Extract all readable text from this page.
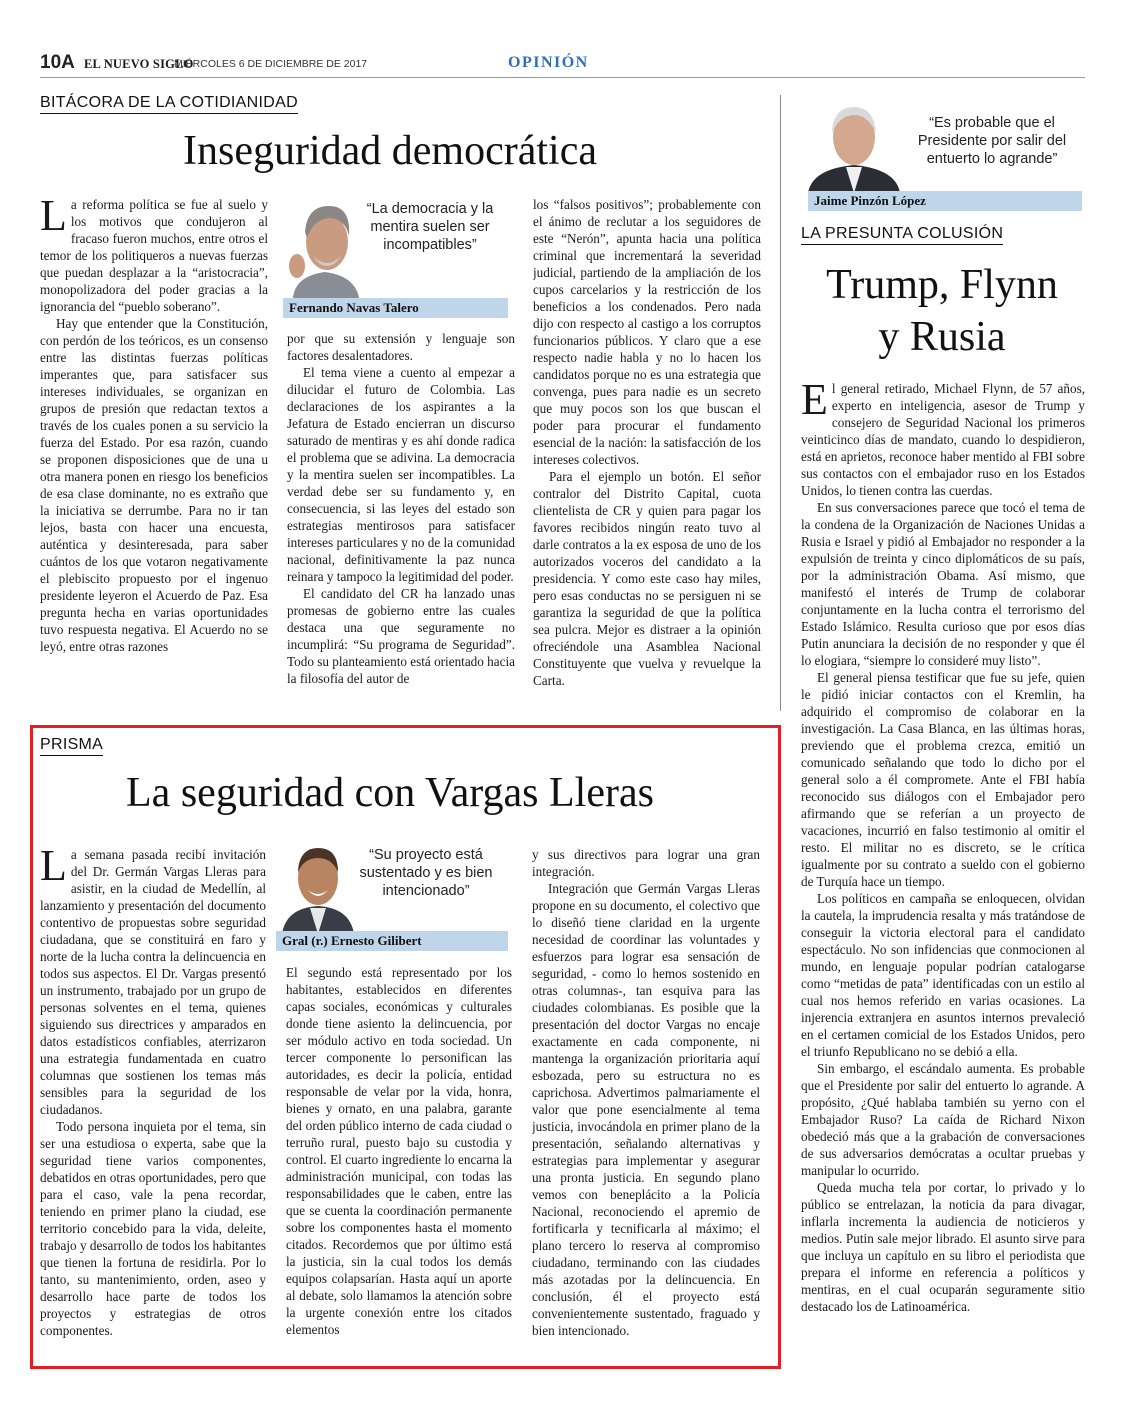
10A EL NUEVO SIGLO
MIÉRCOLES 6 DE DICIEMBRE DE 2017	OPINIÓN
BITÁCORA DE LA COTIDIANIDAD
Inseguridad democrática
L a reforma política se fue al suelo y los motivos que condujeron al fracaso fueron muchos, entre otros el temor de los politiqueros a nuevas fuerzas que puedan desplazar a la “aristocracia”, monopolizadora del poder gracias a la ignorancia del “pueblo soberano”.

Hay que entender que la Constitución, con perdón de los teóricos, es un consenso entre las distintas fuerzas políticas imperantes que, para satisfacer sus intereses individuales, se organizan en grupos de presión que redactan textos a través de los cuales ponen a su servicio la fuerza del Estado. Por esa razón, cuando se proponen disposiciones que de una u otra manera ponen en riesgo los beneficios de esa clase dominante, no es extraño que la iniciativa se derrumbe. Para no ir tan lejos, basta con hacer una encuesta, auténtica y desinteresada, para saber cuántos de los que votaron negativamente el plebiscito propuesto por el ingenuo presidente leyeron el Acuerdo de Paz. Esa pregunta hecha en varias oportunidades tuvo respuesta negativa. El Acuerdo no se leyó, entre otras razones

“La democracia y la mentira suelen ser incompatibles”
Fernando Navas Talero

por que su extensión y lenguaje son factores desalentadores.

El tema viene a cuento al empezar a dilucidar el futuro de Colombia. Las declaraciones de los aspirantes a la Jefatura de Estado encierran un discurso saturado de mentiras y es ahí donde radica el problema que se adivina. La democracia y la mentira suelen ser incompatibles. La verdad debe ser su fundamento y, en consecuencia, si las leyes del estado son estrategias mentirosos para satisfacer intereses particulares y no de la comunidad nacional, definitivamente la paz nunca reinara y tampoco la legitimidad del poder.

El candidato del CR ha lanzado unas promesas de gobierno entre las cuales destaca una que seguramente no incumplirá: “Su programa de Seguridad”. Todo su planteamiento está orientado hacia la filosofía del autor de

los “falsos positivos”; probablemente con el ánimo de reclutar a los seguidores de este “Nerón”, apunta hacia una política criminal que incrementará la severidad judicial, partiendo de la ampliación de los cupos carcelarios y la restricción de los beneficios a los condenados. Pero nada dijo con respecto al castigo a los corruptos funcionarios públicos. Y claro que a ese respecto nadie habla y no lo hacen los candidatos porque no es una estrategia que convenga, pues para nadie es un secreto que muy pocos son los que buscan el poder para procurar el fundamento esencial de la nación: la satisfacción de los intereses colectivos.

Para el ejemplo un botón. El señor contralor del Distrito Capital, cuota clientelista de CR y quien para pagar los favores recibidos ningún reato tuvo al darle contratos a la ex esposa de uno de los autorizados voceros del candidato a la presidencia. Y como este caso hay miles, pero esas conductas no se persiguen ni se garantiza la seguridad de que la política sea pulcra. Mejor es distraer a la opinión ofreciéndole una Asamblea Nacional Constituyente que vuelva y revuelque la Carta.

PRISMA
La seguridad con Vargas Lleras
L a semana pasada recibí invitación del Dr. Germán Vargas Lleras para asistir, en la ciudad de Medellín, al lanzamiento y presentación del documento contentivo de propuestas sobre seguridad ciudadana, que se constituirá en faro y norte de la lucha contra la delincuencia en todos sus aspectos. El Dr. Vargas presentó un instrumento, trabajado por un grupo de personas solventes en el tema, quienes siguiendo sus directrices y amparados en datos estadísticos confiables, aterrizaron una estrategia fundamentada en cuatro columnas que sostienen los temas más sensibles para la seguridad de los ciudadanos.

Todo persona inquieta por el tema, sin ser una estudiosa o experta, sabe que la seguridad tiene varios componentes, debatidos en otras oportunidades, pero que para el caso, vale la pena recordar, teniendo en primer plano la ciudad, ese territorio concebido para la vida, deleite, trabajo y desarrollo de todos los habitantes que tienen la fortuna de residirla. Por lo tanto, su mantenimiento, orden, aseo y desarrollo hace parte de todos los proyectos y estrategias de otros componentes.

“Su proyecto está sustentado y es bien intencionado”
Gral (r.) Ernesto Gilibert

El segundo está representado por los habitantes, establecidos en diferentes capas sociales, económicas y culturales donde tiene asiento la delincuencia, por ser módulo activo en toda sociedad. Un tercer componente lo personifican las autoridades, es decir la policía, entidad responsable de velar por la vida, honra, bienes y ornato, en una palabra, garante del orden público interno de cada ciudad o terruño rural, puesto bajo su custodia y control. El cuarto ingrediente lo encarna la administración municipal, con todas las responsabilidades que le caben, entre las que se cuenta la coordinación permanente sobre los componentes hasta el momento citados. Recordemos que por último está la justicia, sin la cual todos los demás equipos colapsarían. Hasta aquí un aporte al debate, solo llamamos la atención sobre la urgente conexión entre los citados elementos

y sus directivos para lograr una gran integración.

Integración que Germán Vargas Lleras propone en su documento, el colectivo que lo diseñó tiene claridad en la urgente necesidad de coordinar las voluntades y esfuerzos para lograr esa sensación de seguridad, - como lo hemos sostenido en otras columnas-, tan esquiva para las ciudades colombianas. Es posible que la presentación del doctor Vargas no encaje exactamente en cada componente, ni mantenga la organización prioritaria aquí esbozada, pero su estructura no es caprichosa. Advertimos palmariamente el valor que pone esencialmente al tema justicia, invocándola en primer plano de la presentación, señalando alternativas y estrategias para implementar y asegurar una pronta justicia. En segundo plano vemos con beneplácito a la Policía Nacional, reconociendo el apremio de fortificarla y tecnificarla al máximo; el plano tercero lo reserva al compromiso ciudadano, terminando con las ciudades más azotadas por la delincuencia. En conclusión, él el proyecto está convenientemente sustentado, fraguado y bien intencionado.

“Es probable que el Presidente por salir del entuerto lo agrande”
Jaime Pinzón López
LA PRESUNTA COLUSIÓN
Trump, Flynn
y Rusia
E l general retirado, Michael Flynn, de 57 años, experto en inteligencia, asesor de Trump y consejero de Seguridad Nacional los primeros veinticinco días de mandato, cuando lo despidieron, está en aprietos, reconoce haber mentido al FBI sobre sus contactos con el embajador ruso en los Estados Unidos, lo tienen contra las cuerdas.

En sus conversaciones parece que tocó el tema de la condena de la Organización de Naciones Unidas a Rusia e Israel y pidió al Embajador no responder a la expulsión de treinta y cinco diplomáticos de su país, por la administración Obama. Así mismo, que manifestó el interés de Trump de colaborar conjuntamente en la lucha contra el terrorismo del Estado Islámico. Resulta curioso que por esos días Putin anunciara la decisión de no responder y que él lo elogiara, “siempre lo consideré muy listo”.

El general piensa testificar que fue su jefe, quien le pidió iniciar contactos con el Kremlin, ha adquirido el compromiso de colaborar en la investigación. La Casa Blanca, en las últimas horas, previendo que el problema crezca, emitió un comunicado señalando que todo lo dicho por el general solo a él compromete. Ante el FBI había reconocido sus diálogos con el Embajador pero afirmando que se referían a un proyecto de vacaciones, incurrió en falso testimonio al omitir el resto. El militar no es discreto, se le crítica igualmente por su contrato a sueldo con el gobierno de Turquía hace un tiempo.

Los políticos en campaña se enloquecen, olvidan la cautela, la imprudencia resalta y más tratándose de conseguir la victoria electoral para el candidato espectáculo. No son infidencias que conmocionen al mundo, en lenguaje popular podrían catalogarse como “metidas de pata” identificadas con un estilo al cual nos hemos referido en varias ocasiones. La injerencia extranjera en asuntos internos prevaleció en el certamen comicial de los Estados Unidos, pero el triunfo Republicano no se debió a ella.

Sin embargo, el escándalo aumenta. Es probable que el Presidente por salir del entuerto lo agrande. A propósito, ¿Qué hablaba también su yerno con el Embajador Ruso? La caída de Richard Nixon obedeció más que a la grabación de conversaciones de sus adversarios demócratas a ocultar pruebas y manipular lo ocurrido.

Queda mucha tela por cortar, lo privado y lo público se entrelazan, la noticia da para divagar, inflarla incrementa la audiencia de noticieros y medios. Putin sale mejor librado. El asunto sirve para que incluya un capítulo en su libro el periodista que prepara el informe en referencia a políticos y mentiras, en el cual ocuparán seguramente sitio destacado los de Latinoamérica.
